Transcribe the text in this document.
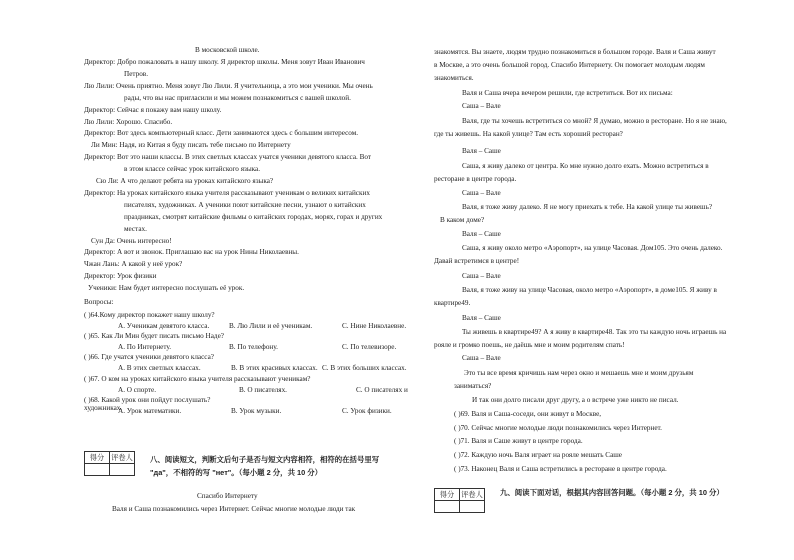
В московской школе.
Директор: Добро пожаловать в нашу школу. Я директор школы. Меня зовут Иван Иванович
Петров.
Лю Лили: Очень приятно. Меня зовут Лю Лили. Я учительница, а это мои ученики. Мы очень
рады, что вы нас пригласили и мы можем познакомиться с вашей школой.
Директор: Сейчас я покажу вам нашу школу.
Лю Лили: Хорошо. Спасибо.
Директор: Вот здесь компьютерный класс. Дети занимаются здесь с большим интересом.
Ли Мин: Надя, из Китая я буду писать тебе письмо по Интернету
Директор: Вот это наши классы. В этих светлых классах учатся ученики девятого класса. Вот
в этом классе сейчас урок китайского языка.
Сю Ли: А что делают ребята на уроках китайского языка?
Директор: На уроках китайского языка учителя рассказывают ученикам о великих китайских
писателях, художниках. А ученики поют китайские песни, узнают о китайских
праздниках, смотрят китайские фильмы о китайских городах, морях, горах и других
местах.
Сун Да: Очень интересно!
Директор: А вот и звонок. Приглашаю вас на урок Нины Николаевны.
Чжан Лань: А какой у неё урок?
Директор: Урок физики
Ученики: Нам будет интересно послушать её урок.
Вопросы:
( )64.Кому директор покажет нашу школу?
А. Ученикам девятого класса.	В. Лю Лили и её ученикам.	С. Нине Николаевне.
( )65. Как Ли Мин будет писать письмо Наде?
А. По Интернету.	В. По телефону.	С. По телевизоре.
( )66. Где учатся ученики девятого класса?
А. В этих светлых классах.	В. В этих красивых классах. С. В этих больших классах.
( )67. О ком на уроках китайского языка учителя рассказывают ученикам?
А. О спорте.	В. О писателях.	С. О писателях и
( )68. Какой урок они пойдут послушать?
А. Урок математики.	В. Урок музыки.	С. Урок физики.
художниках.
得分	评卷人
	八、阅读短文，判断文后句子是否与短文内容相符，相符的在括号里写
"да"，不相符的写 "нет"。（每小题 2 分，共 10 分）
Спасибо Интернету
Валя и Саша познакомились через Интернет. Сейчас многие молодые люди так
знакомятся. Вы знаете, людям трудно познакомиться в большом городе. Валя и Саша живут
в Москве, а это очень большой город. Спасибо Интернету. Он помогает молодым людям
знакомиться.
Валя и Саша вчера вечером решили, где встретиться. Вот их письма:
Саша – Вале
Валя, где ты хочешь встретиться со мной? Я думаю, можно в ресторане. Но я не знаю,
где ты живешь. На какой улице? Там есть хороший ресторан?
Валя – Саше
Саша, я живу далеко от центра. Ко мне нужно долго ехать. Можно встретиться в
ресторане в центре города.
Саша – Вале
Валя, я тоже живу далеко. Я не могу приехать к тебе. На какой улице ты живешь?
В каком доме?
Валя – Саше
Саша, я живу около метро «Аэропорт», на улице Часовая. Дом105. Это очень далеко.
Давай встретимся в центре!
Саша – Вале
Валя, я тоже живу на улице Часовая, около метро «Аэропорт», в доме105. Я живу в
квартире49.
Валя – Саше
Ты живешь в квартире49? А я живу в квартире48. Так это ты каждую ночь играешь на
рояле и громко поешь, не даёшь мне и моим родителям спать!
Саша – Вале
Это ты все время кричишь нам через окно и мешаешь мне и моим друзьям
заниматься?
И так они долго писали друг другу, а о встрече уже никто не писал.
( )69. Валя и Саша-соседи, они живут в Москве,
( )70. Сейчас многие молодые люди познакомились через Интернет.
( )71. Валя и Саше живут в центре города.
( )72. Каждую ночь Валя играет на рояле мешать Саше
( )73. Наконец Валя и Саша встретились в ресторане в центре города.
得分	评卷人
	九、阅读下面对话，根据其内容回答问题。（每小题 2 分，共 10 分）
